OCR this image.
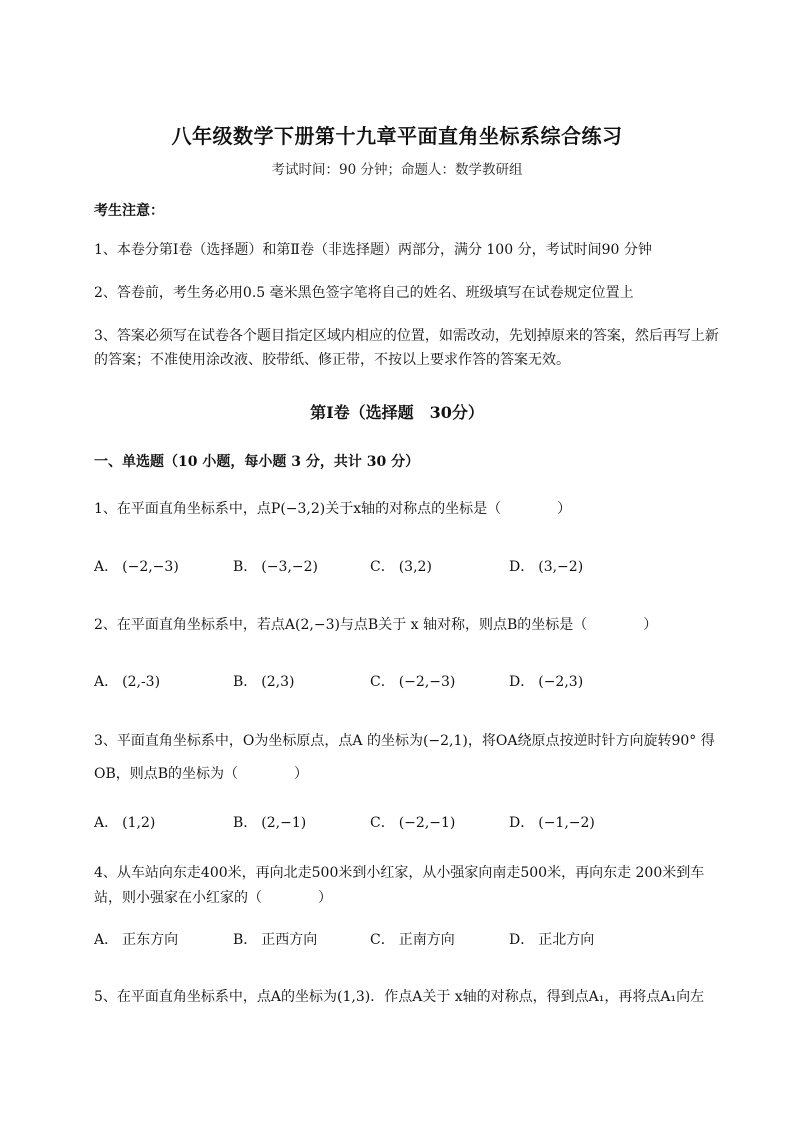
八年级数学下册第十九章平面直角坐标系综合练习
考试时间：90 分钟；命题人：数学教研组
考生注意：
1、本卷分第Ⅰ卷（选择题）和第Ⅱ卷（非选择题）两部分，满分 100 分，考试时间90 分钟
2、答卷前，考生务必用0.5 毫米黑色签字笔将自己的姓名、班级填写在试卷规定位置上
3、答案必须写在试卷各个题目指定区域内相应的位置，如需改动，先划掉原来的答案，然后再写上新
的答案；不准使用涂改液、胶带纸、修正带，不按以上要求作答的答案无效。
第Ⅰ卷（选择题　30分）
一、单选题（10 小题，每小题 3 分，共计 30 分）
1、在平面直角坐标系中，点P(−3,2)关于x轴的对称点的坐标是（　　　　）
A． (−2,−3)	B． (−3,−2)	C． (3,2)	D． (3,−2)
2、在平面直角坐标系中，若点A(2,−3)与点B关于 x 轴对称，则点B的坐标是（　　　　）
A． (2,-3)	B． (2,3)	C． (−2,−3)	D． (−2,3)
3、平面直角坐标系中，O为坐标原点，点A 的坐标为(−2,1)，将OA绕原点按逆时针方向旋转90° 得
OB，则点B的坐标为（　　　　）
A． (1,2)	B． (2,−1)	C． (−2,−1)	D． (−1,−2)
4、从车站向东走400米，再向北走500米到小红家，从小强家向南走500米，再向东走 200米到车
站，则小强家在小红家的（　　　　）
A． 正东方向	B． 正西方向	C． 正南方向	D． 正北方向
5、在平面直角坐标系中，点A的坐标为(1,3)．作点A关于 x轴的对称点，得到点A₁，再将点A₁向左
